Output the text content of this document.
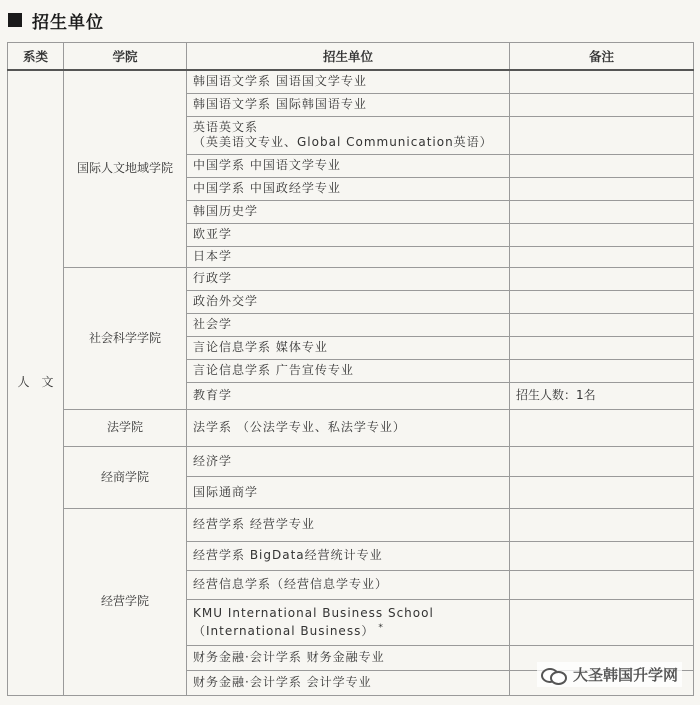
招生单位
系类	学院	招生单位	备注
人　文	国际人文地域学院	韩国语文学系 国语国文学专业	
		韩国语文学系 国际韩国语专业	
		英语英文系
（英美语文专业、Global Communication英语）	
		中国学系 中国语文学专业	
		中国学系 中国政经学专业	
		韩国历史学	
		欧亚学	
		日本学	
	社会科学学院	行政学	
		政治外交学	
		社会学	
		言论信息学系 媒体专业	
		言论信息学系 广告宣传专业	
		教育学	招生人数：1名
	法学院	法学系 （公法学专业、私法学专业）	
	经商学院	经济学	
		国际通商学	
	经营学院	经营学系 经营学专业	
		经营学系 BigData经营统计专业	
		经营信息学系（经营信息学专业）	
		KMU International Business School
（International Business） *	
		财务金融·会计学系 财务金融专业	
		财务金融·会计学系 会计学专业		大圣韩国升学网
